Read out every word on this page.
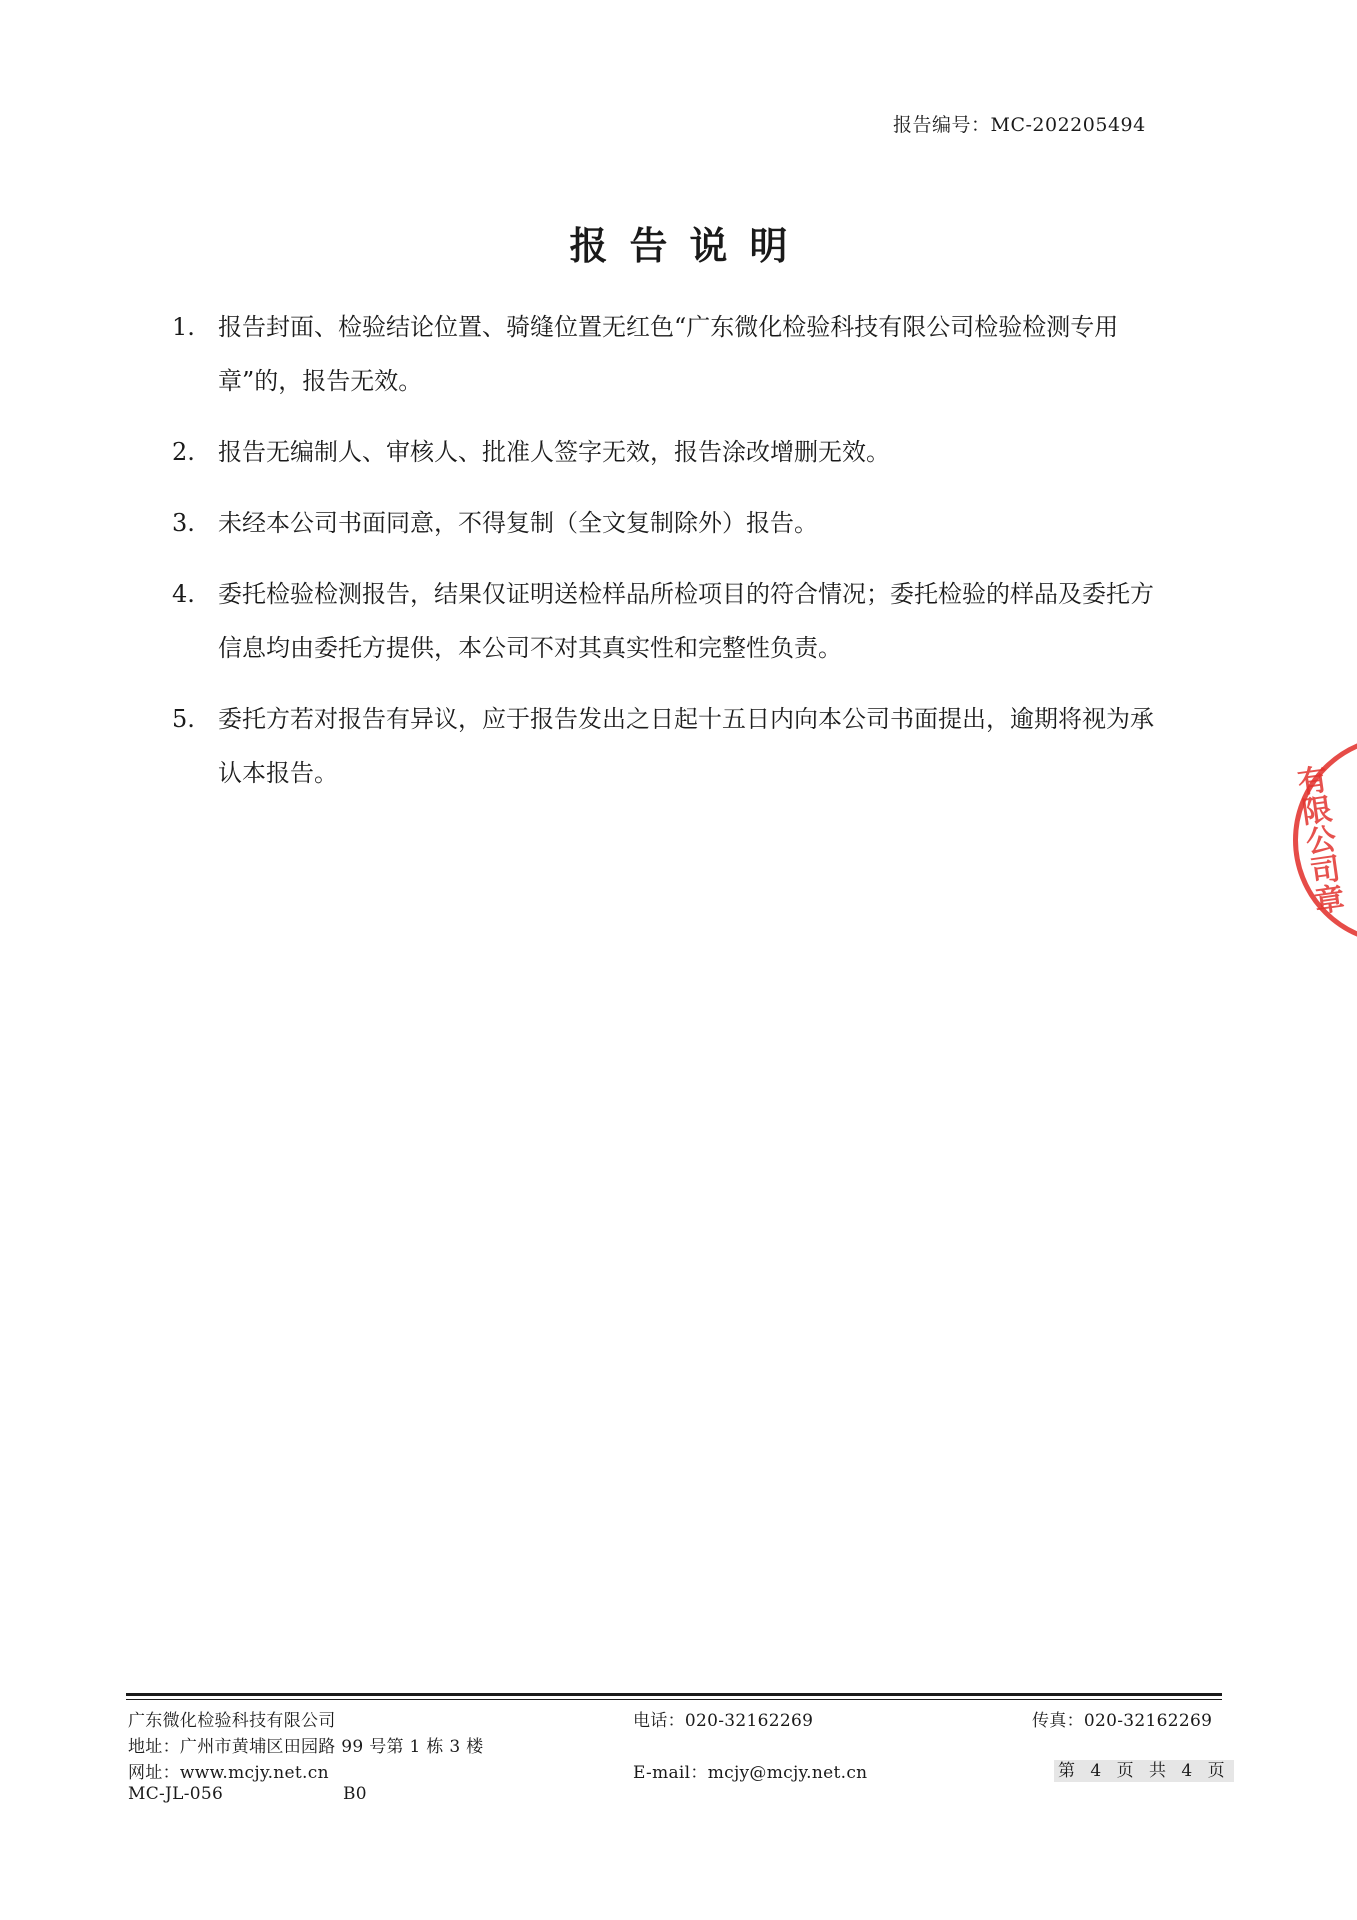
报告编号：MC-202205494
报告说明
1. 报告封面、检验结论位置、骑缝位置无红色“广东微化检验科技有限公司检验检测专用章”的，报告无效。
2. 报告无编制人、审核人、批准人签字无效，报告涂改增删无效。
3. 未经本公司书面同意，不得复制（全文复制除外）报告。
4. 委托检验检测报告，结果仅证明送检样品所检项目的符合情况；委托检验的样品及委托方信息均由委托方提供，本公司不对其真实性和完整性负责。
5. 委托方若对报告有异议，应于报告发出之日起十五日内向本公司书面提出，逾期将视为承认本报告。	有限公司章
广东微化检验科技有限公司	电话：020-32162269	传真：020-32162269
地址：广州市黄埔区田园路 99 号第 1 栋 3 楼
网址：www.mcjy.net.cn	E-mail：mcjy@mcjy.net.cn	第 4 页 共 4 页
MC-JL-056	B0
